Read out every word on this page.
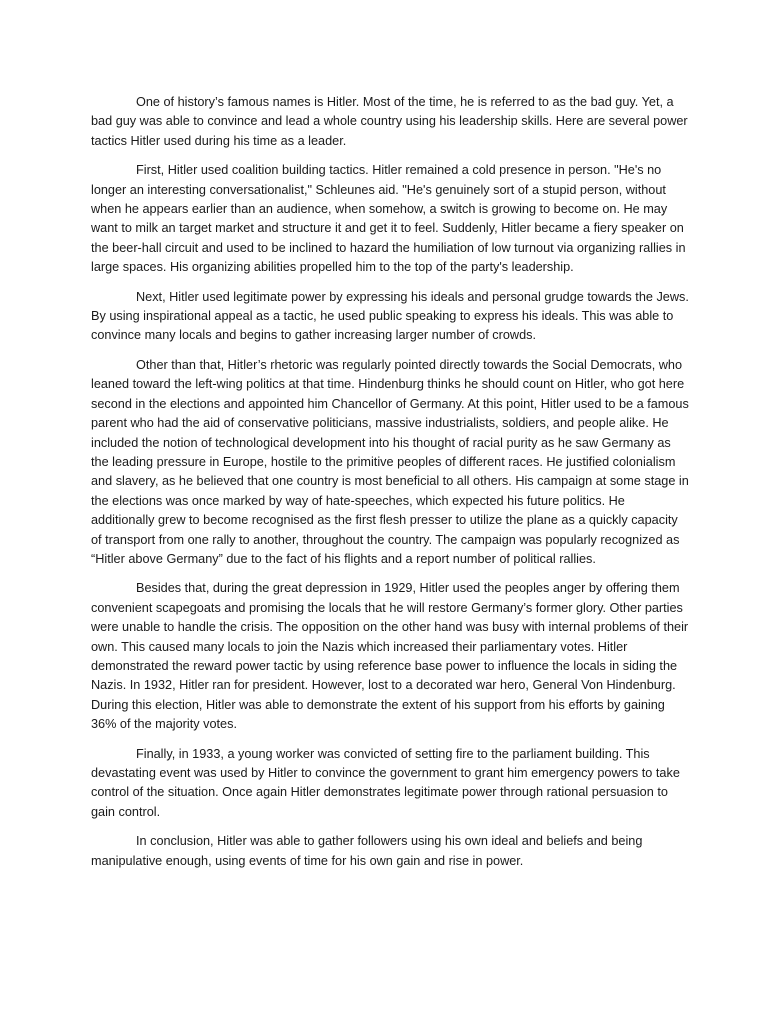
One of history’s famous names is Hitler. Most of the time, he is referred to as the bad guy. Yet, a bad guy was able to convince and lead a whole country using his leadership skills. Here are several power tactics Hitler used during his time as a leader.

First, Hitler used coalition building tactics. Hitler remained a cold presence in person. "He's no longer an interesting conversationalist," Schleunes aid. "He's genuinely sort of a stupid person, without when he appears earlier than an audience, when somehow, a switch is growing to become on. He may want to milk an target market and structure it and get it to feel. Suddenly, Hitler became a fiery speaker on the beer-hall circuit and used to be inclined to hazard the humiliation of low turnout via organizing rallies in large spaces. His organizing abilities propelled him to the top of the party's leadership.

Next, Hitler used legitimate power by expressing his ideals and personal grudge towards the Jews. By using inspirational appeal as a tactic, he used public speaking to express his ideals. This was able to convince many locals and begins to gather increasing larger number of crowds.

Other than that, Hitler’s rhetoric was regularly pointed directly towards the Social Democrats, who leaned toward the left-wing politics at that time. Hindenburg thinks he should count on Hitler, who got here second in the elections and appointed him Chancellor of Germany. At this point, Hitler used to be a famous parent who had the aid of conservative politicians, massive industrialists, soldiers, and people alike. He included the notion of technological development into his thought of racial purity as he saw Germany as the leading pressure in Europe, hostile to the primitive peoples of different races. He justified colonialism and slavery, as he believed that one country is most beneficial to all others. His campaign at some stage in the elections was once marked by way of hate-speeches, which expected his future politics. He additionally grew to become recognised as the first flesh presser to utilize the plane as a quickly capacity of transport from one rally to another, throughout the country. The campaign was popularly recognized as “Hitler above Germany” due to the fact of his flights and a report number of political rallies.

Besides that, during the great depression in 1929, Hitler used the peoples anger by offering them convenient scapegoats and promising the locals that he will restore Germany’s former glory. Other parties were unable to handle the crisis. The opposition on the other hand was busy with internal problems of their own. This caused many locals to join the Nazis which increased their parliamentary votes. Hitler demonstrated the reward power tactic by using reference base power to influence the locals in siding the Nazis. In 1932, Hitler ran for president. However, lost to a decorated war hero, General Von Hindenburg. During this election, Hitler was able to demonstrate the extent of his support from his efforts by gaining 36% of the majority votes.

Finally, in 1933, a young worker was convicted of setting fire to the parliament building. This devastating event was used by Hitler to convince the government to grant him emergency powers to take control of the situation. Once again Hitler demonstrates legitimate power through rational persuasion to gain control.

In conclusion, Hitler was able to gather followers using his own ideal and beliefs and being manipulative enough, using events of time for his own gain and rise in power.
